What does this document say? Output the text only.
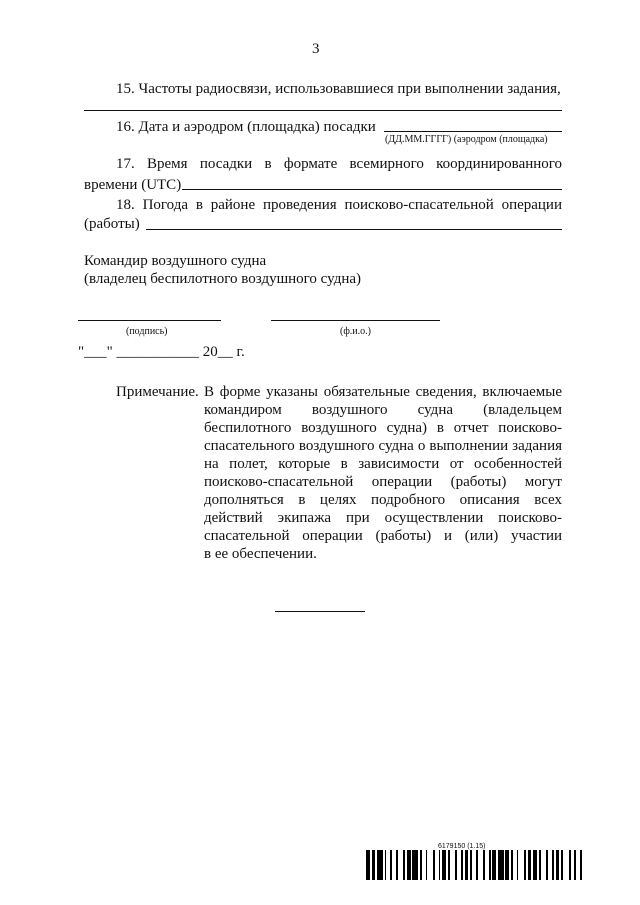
3
15. Частоты радиосвязи, использовавшиеся при выполнении задания,
16. Дата и аэродром (площадка) посадки
(ДД.ММ.ГГГГ) (аэродром (площадка)
17. Время посадки в формате всемирного координированного
времени (UTC)
18. Погода в районе проведения поисково-спасательной операции
(работы)
Командир воздушного судна
(владелец беспилотного воздушного судна)
(подпись)	(ф.и.о.)
"___" ___________ 20__ г.
Примечание. В форме указаны обязательные сведения, включаемые
командиром воздушного судна (владельцем
беспилотного воздушного судна) в отчет поисково-
спасательного воздушного судна о выполнении задания
на полет, которые в зависимости от особенностей
поисково-спасательной операции (работы) могут
дополняться в целях подробного описания всех
действий экипажа при осуществлении поисково-
спасательной операции (работы) и (или) участии
в ее обеспечении.
6179150 (1.15)
